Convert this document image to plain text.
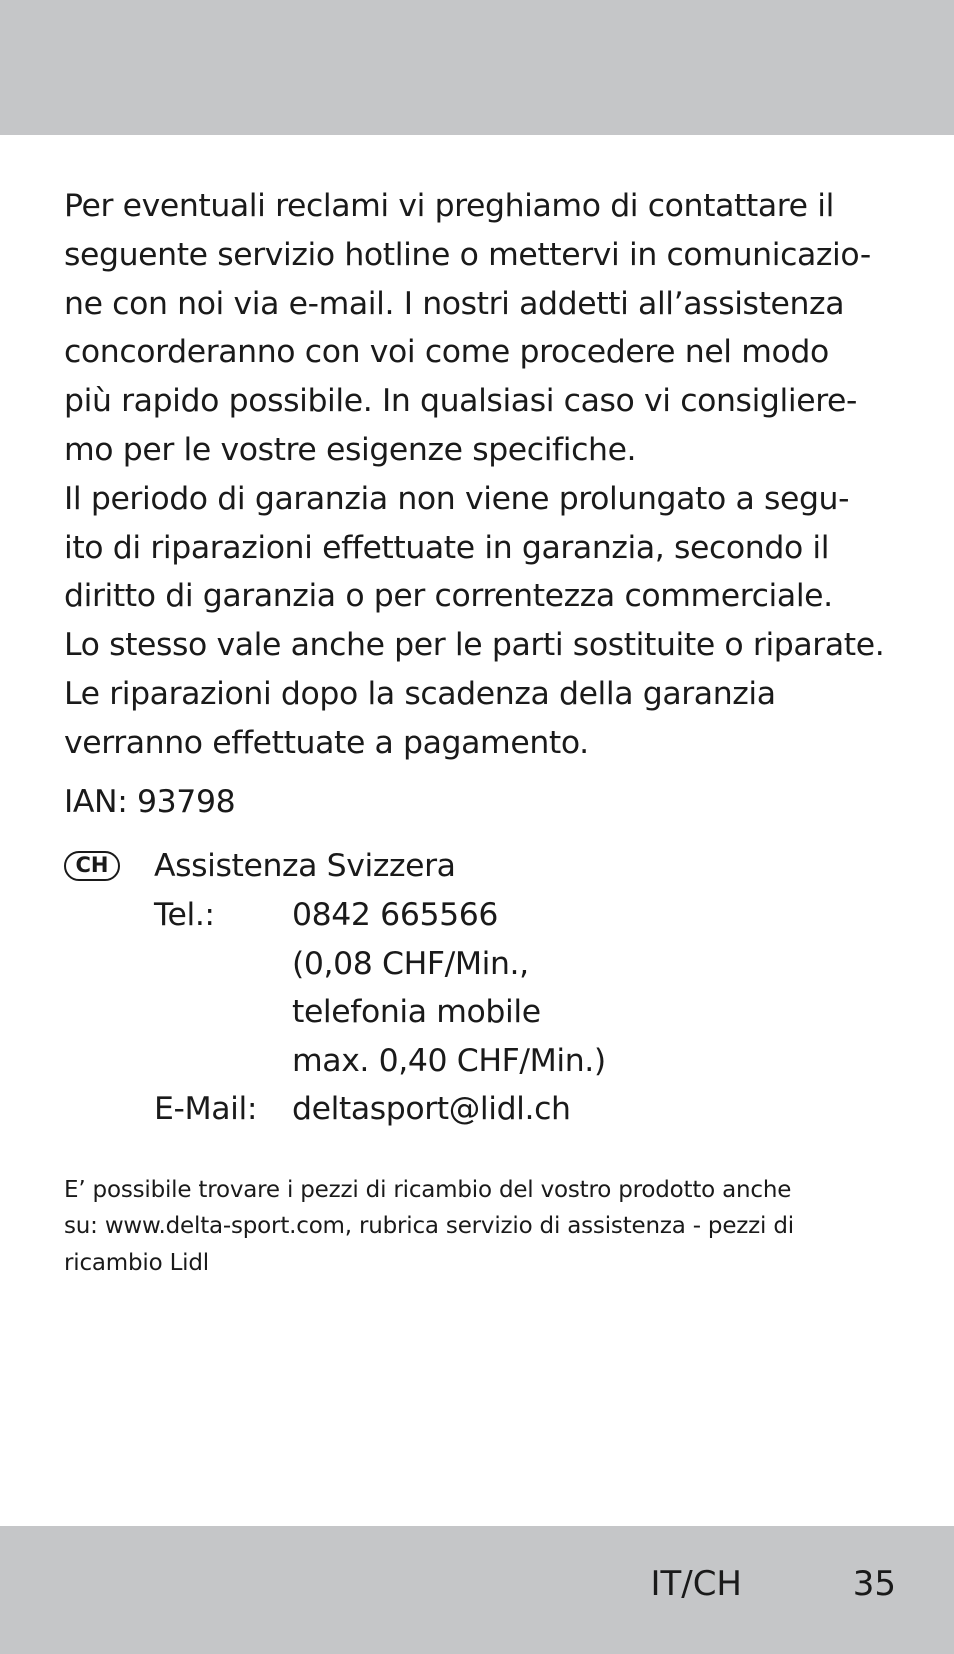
Per eventuali reclami vi preghiamo di contattare il
seguente servizio hotline o mettervi in comunicazio-
ne con noi via e-mail. I nostri addetti all’assistenza
concorderanno con voi come procedere nel modo
più rapido possibile. In qualsiasi caso vi consigliere-
mo per le vostre esigenze specifiche.

Il periodo di garanzia non viene prolungato a segu-
ito di riparazioni effettuate in garanzia, secondo il
diritto di garanzia o per correntezza commerciale.
Lo stesso vale anche per le parti sostituite o riparate.
Le riparazioni dopo la scadenza della garanzia
verranno effettuate a pagamento.

IAN: 93798
CH	Assistenza Svizzera
Tel.: 0842 665566
(0,08 CHF/Min.,
telefonia mobile
max. 0,40 CHF/Min.)
E-Mail: deltasport@lidl.ch

E’ possibile trovare i pezzi di ricambio del vostro prodotto anche
su: www.delta-sport.com, rubrica servizio di assistenza - pezzi di
ricambio Lidl

IT/CH	35
